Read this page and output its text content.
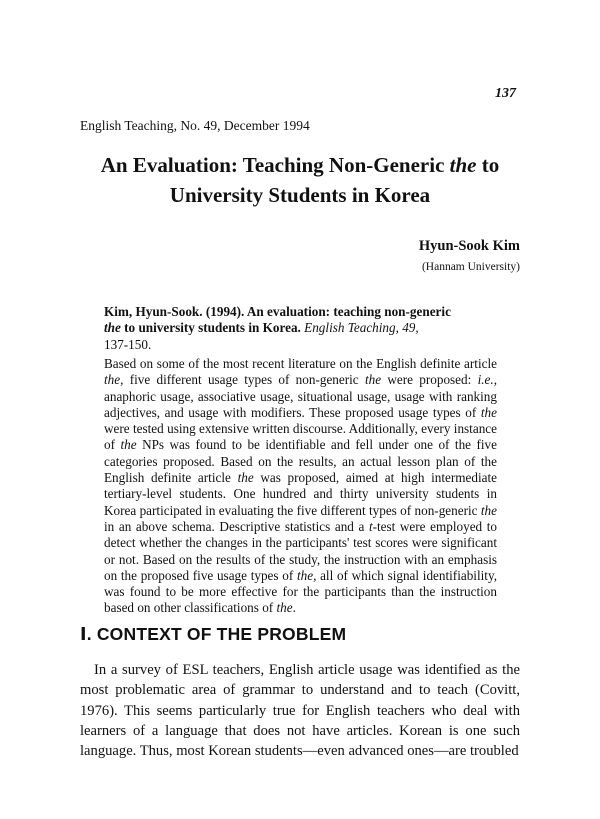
137
English Teaching, No. 49, December 1994
An Evaluation: Teaching Non-Generic the to
University Students in Korea
Hyun-Sook Kim
(Hannam University)
Kim, Hyun-Sook. (1994). An evaluation: teaching non-generic
the to university students in Korea. English Teaching, 49,
137-150.

Based on some of the most recent literature on the English definite article the, five different usage types of non-generic the were proposed: i.e., anaphoric usage, associative usage, situational usage, usage with ranking adjectives, and usage with modifiers. These proposed usage types of the were tested using extensive written discourse. Additionally, every instance of the NPs was found to be identifiable and fell under one of the five categories proposed. Based on the results, an actual lesson plan of the English definite article the was proposed, aimed at high intermediate tertiary-level students. One hundred and thirty university students in Korea participated in evaluating the five different types of non-generic the in an above schema. Descriptive statistics and a t-test were employed to detect whether the changes in the participants' test scores were significant or not. Based on the results of the study, the instruction with an emphasis on the proposed five usage types of the, all of which signal identifiability, was found to be more effective for the participants than the instruction based on other classifications of the.

Ⅰ. CONTEXT OF THE PROBLEM

In a survey of ESL teachers, English article usage was identified as the most problematic area of grammar to understand and to teach (Covitt, 1976). This seems particularly true for English teachers who deal with learners of a language that does not have articles. Korean is one such language. Thus, most Korean students—even advanced ones—are troubled
